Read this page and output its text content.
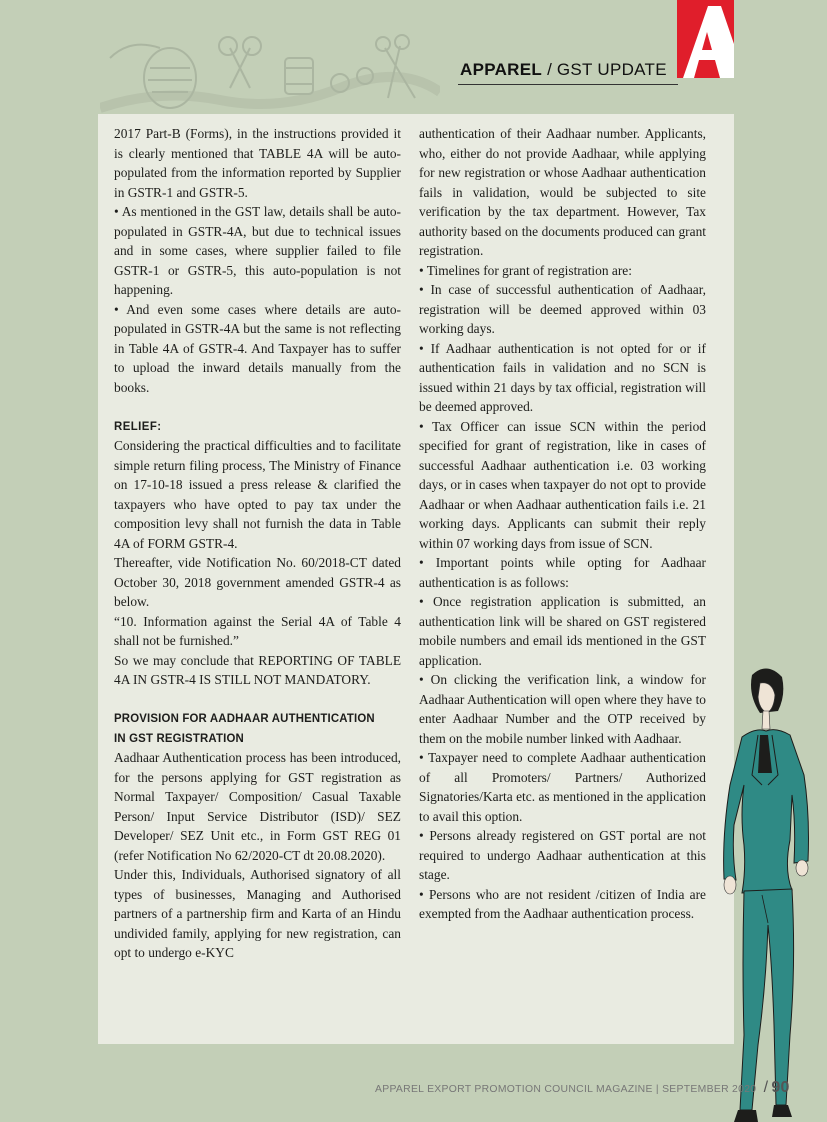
APPAREL / GST UPDATE

2017 Part-B (Forms), in the instructions provided it is clearly mentioned that TABLE 4A will be auto-populated from the information reported by Supplier in GSTR-1 and GSTR-5.

• As mentioned in the GST law, details shall be auto-populated in GSTR-4A, but due to technical issues and in some cases, where supplier failed to file GSTR-1 or GSTR-5, this auto-population is not happening.

• And even some cases where details are auto-populated in GSTR-4A but the same is not reflecting in Table 4A of GSTR-4. And Taxpayer has to suffer to upload the inward details manually from the books.

RELIEF:

Considering the practical difficulties and to facilitate simple return filing process, The Ministry of Finance on 17-10-18 issued a press release & clarified the taxpayers who have opted to pay tax under the composition levy shall not furnish the data in Table 4A of FORM GSTR-4.

Thereafter, vide Notification No. 60/2018-CT dated October 30, 2018 government amended GSTR-4 as below.

“10. Information against the Serial 4A of Table 4 shall not be furnished.”

So we may conclude that REPORTING OF TABLE 4A IN GSTR-4 IS STILL NOT MANDATORY.

PROVISION FOR AADHAAR AUTHENTICATION IN GST REGISTRATION

Aadhaar Authentication process has been introduced, for the persons applying for GST registration as Normal Taxpayer/ Composition/ Casual Taxable Person/ Input Service Distributor (ISD)/ SEZ Developer/ SEZ Unit etc., in Form GST REG 01 (refer Notification No 62/2020-CT dt 20.08.2020).

Under this, Individuals, Authorised signatory of all types of businesses, Managing and Authorised partners of a partnership firm and Karta of an Hindu undivided family, applying for new registration, can opt to undergo e-KYC

authentication of their Aadhaar number. Applicants, who, either do not provide Aadhaar, while applying for new registration or whose Aadhaar authentication fails in validation, would be subjected to site verification by the tax department. However, Tax authority based on the documents produced can grant registration.

• Timelines for grant of registration are:

• In case of successful authentication of Aadhaar, registration will be deemed approved within 03 working days.

• If Aadhaar authentication is not opted for or if authentication fails in validation and no SCN is issued within 21 days by tax official, registration will be deemed approved.

• Tax Officer can issue SCN within the period specified for grant of registration, like in cases of successful Aadhaar authentication i.e. 03 working days, or in cases when taxpayer do not opt to provide Aadhaar or when Aadhaar authentication fails i.e. 21 working days. Applicants can submit their reply within 07 working days from issue of SCN.

• Important points while opting for Aadhaar authentication is as follows:

• Once registration application is submitted, an authentication link will be shared on GST registered mobile numbers and email ids mentioned in the GST application.

• On clicking the verification link, a window for Aadhaar Authentication will open where they have to enter Aadhaar Number and the OTP received by them on the mobile number linked with Aadhaar.

• Taxpayer need to complete Aadhaar authentication of all Promoters/ Partners/ Authorized Signatories/Karta etc. as mentioned in the application to avail this option.

• Persons already registered on GST portal are not required to undergo Aadhaar authentication at this stage.

• Persons who are not resident /citizen of India are exempted from the Aadhaar authentication process.

APPAREL EXPORT PROMOTION COUNCIL MAGAZINE | SEPTEMBER 2020 / 90
